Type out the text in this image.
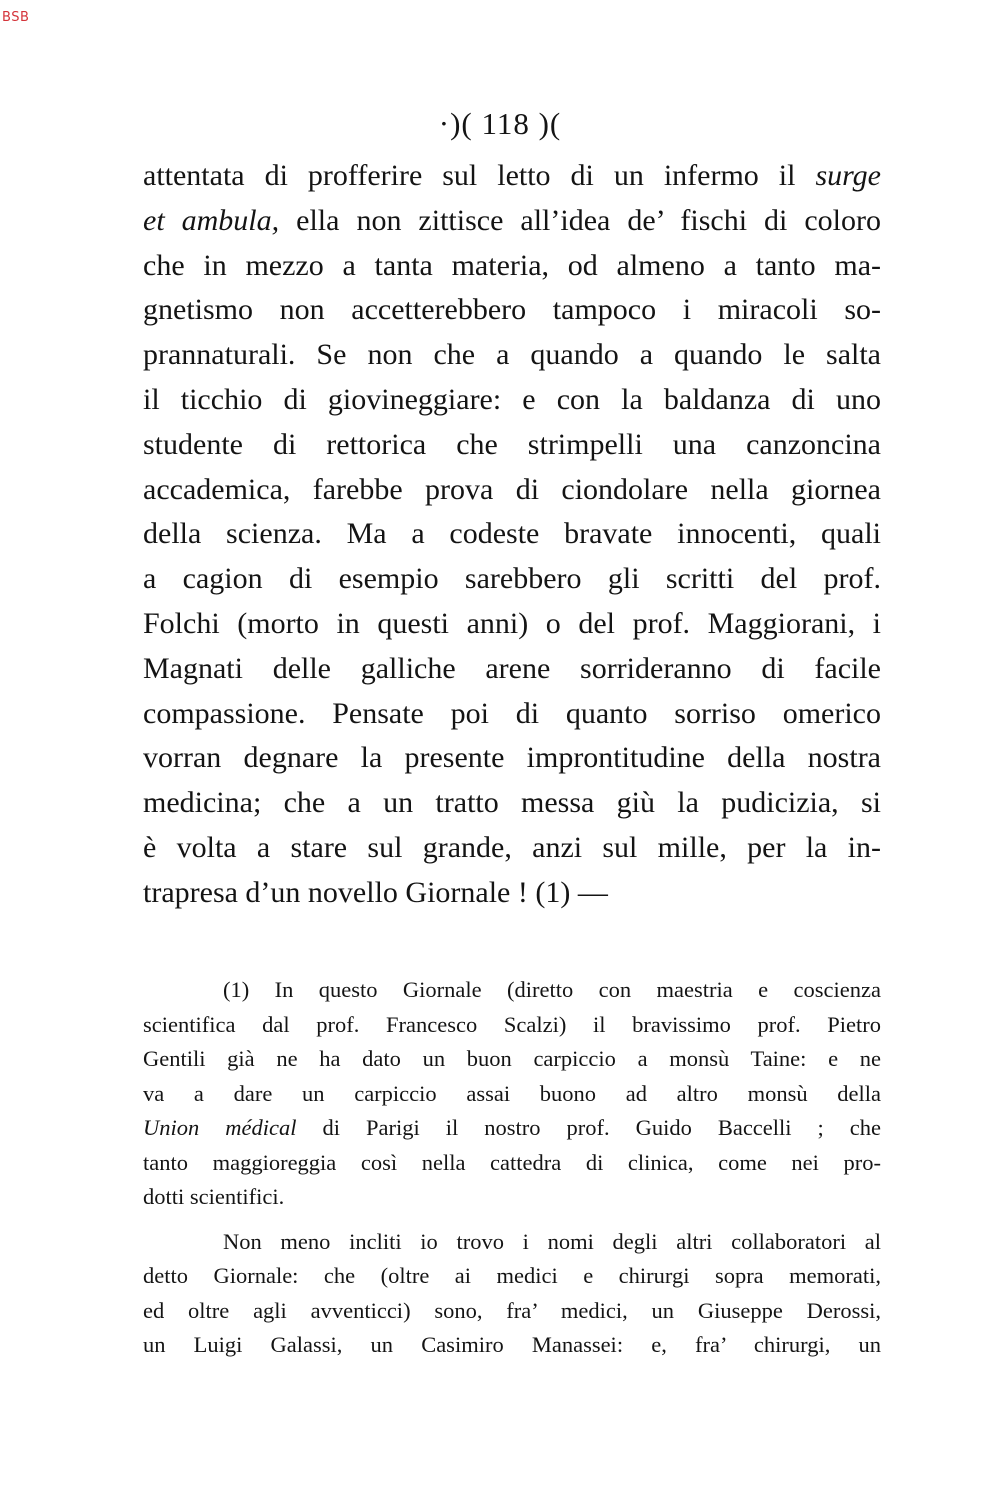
BSB
·)( 118 )(
attentata di profferire sul letto di un infermo il surge
et ambula, ella non zittisce all’idea de’ fischi di coloro
che in mezzo a tanta materia, od almeno a tanto ma-
gnetismo non accetterebbero tampoco i miracoli so-
prannaturali. Se non che a quando a quando le salta
il ticchio di giovineggiare: e con la baldanza di uno
studente di rettorica che strimpelli una canzoncina
accademica, farebbe prova di ciondolare nella giornea
della scienza. Ma a codeste bravate innocenti, quali
a cagion di esempio sarebbero gli scritti del prof.
Folchi (morto in questi anni) o del prof. Maggiorani, i
Magnati delle galliche arene sorrideranno di facile
compassione. Pensate poi di quanto sorriso omerico
vorran degnare la presente improntitudine della nostra
medicina; che a un tratto messa giù la pudicizia, si
è volta a stare sul grande, anzi sul mille, per la in-
trapresa d’un novello Giornale ! (1) —
(1) In questo Giornale (diretto con maestria e coscienza
scientifica dal prof. Francesco Scalzi) il bravissimo prof. Pietro
Gentili già ne ha dato un buon carpiccio a monsù Taine: e ne
va a dare un carpiccio assai buono ad altro monsù della
Union médical di Parigi il nostro prof. Guido Baccelli ; che
tanto maggioreggia così nella cattedra di clinica, come nei pro-
dotti scientifici.
Non meno incliti io trovo i nomi degli altri collaboratori al
detto Giornale: che (oltre ai medici e chirurgi sopra memorati,
ed oltre agli avventicci) sono, fra’ medici, un Giuseppe Derossi,
un Luigi Galassi, un Casimiro Manassei: e, fra’ chirurgi, un
